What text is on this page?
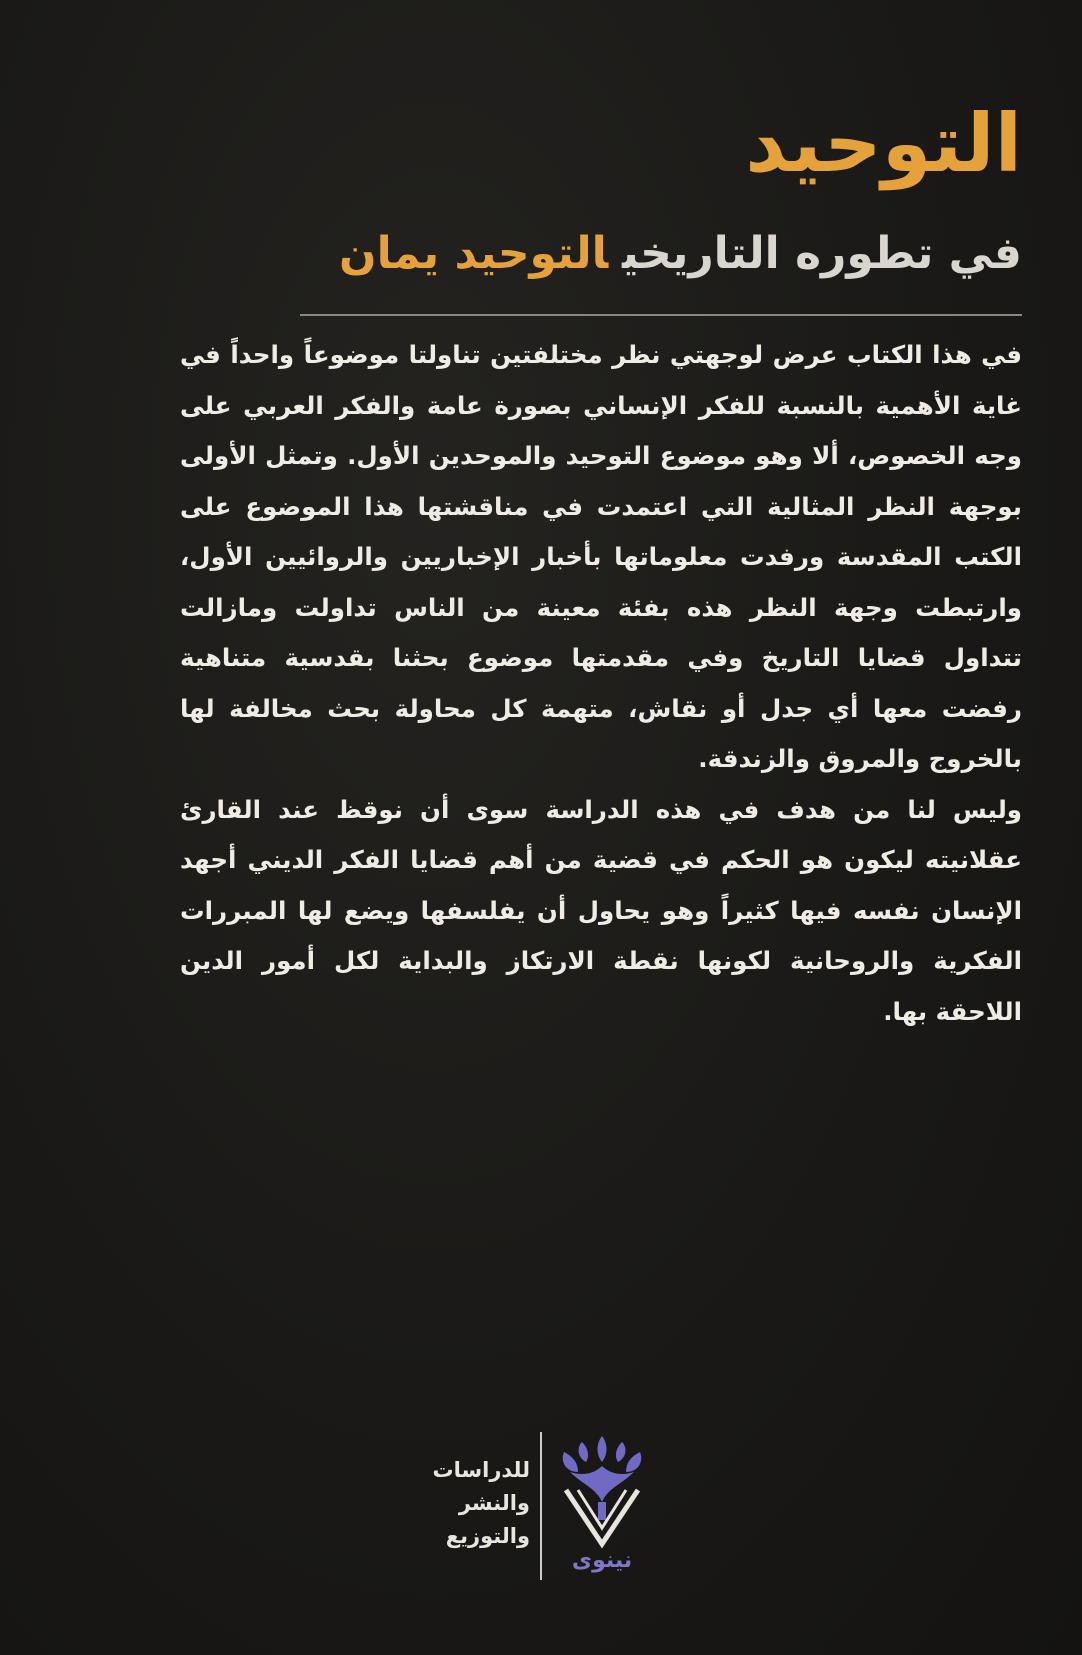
التوحيد
في تطوره التاريخيالتوحيد يمان

في هذا الكتاب عرض لوجهتي نظر مختلفتين تناولتا موضوعاً واحداً في غاية الأهمية بالنسبة للفكر الإنساني بصورة عامة والفكر العربي على وجه الخصوص، ألا وهو موضوع التوحيد والموحدين الأول. وتمثل الأولى بوجهة النظر المثالية التي اعتمدت في مناقشتها هذا الموضوع على الكتب المقدسة ورفدت معلوماتها بأخبار الإخباريين والروائيين الأول، وارتبطت وجهة النظر هذه بفئة معينة من الناس تداولت ومازالت تتداول قضايا التاريخ وفي مقدمتها موضوع بحثنا بقدسية متناهية رفضت معها أي جدل أو نقاش، متهمة كل محاولة بحث مخالفة لها بالخروج والمروق والزندقة.

وليس لنا من هدف في هذه الدراسة سوى أن نوقظ عند القارئ عقلانيته ليكون هو الحكم في قضية من أهم قضايا الفكر الديني أجهد الإنسان نفسه فيها كثيراً وهو يحاول أن يفلسفها ويضع لها المبررات الفكرية والروحانية لكونها نقطة الارتكاز والبداية لكل أمور الدين اللاحقة بها.

للدراسات
والنشر
والتوزيع
نينوى
